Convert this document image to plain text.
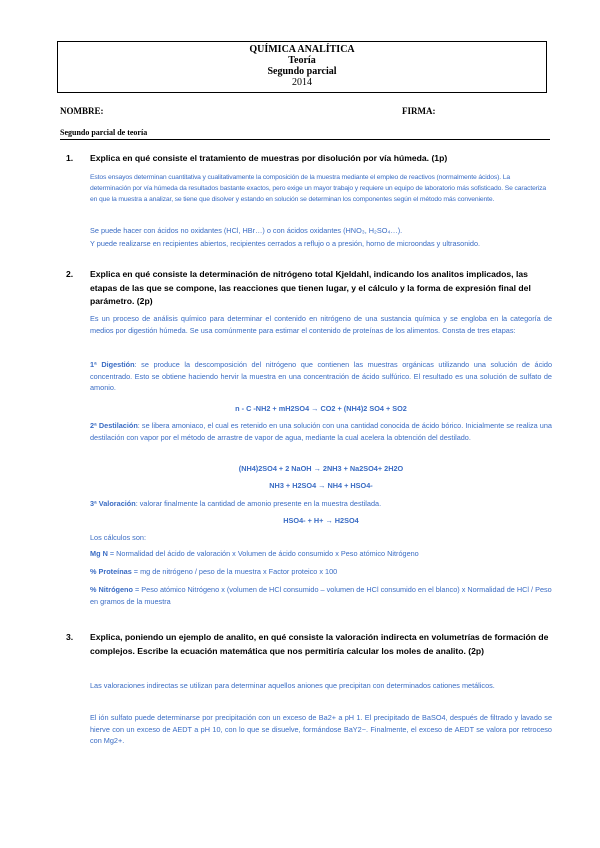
QUÍMICA ANALÍTICA
Teoría
Segundo parcial
2014
NOMBRE:	FIRMA:
Segundo parcial de teoría
1. Explica en qué consiste el tratamiento de muestras por disolución por vía húmeda. (1p)
Estos ensayos determinan cuantitativa y cualitativamente la composición de la muestra mediante el empleo de reactivos (normalmente ácidos). La determinación por vía húmeda da resultados bastante exactos, pero exige un mayor trabajo y requiere un equipo de laboratorio más sofisticado. Se caracteriza en que la muestra a analizar, se tiene que disolver y estando en solución se determinan los componentes según el método más conveniente.
Se puede hacer con ácidos no oxidantes (HCl, HBr…) o con ácidos oxidantes (HNO₃, H₂SO₄…).
Y puede realizarse en recipientes abiertos, recipientes cerrados a reflujo o a presión, horno de microondas y ultrasonido.
2. Explica en qué consiste la determinación de nitrógeno total Kjeldahl, indicando los analitos implicados, las etapas de las que se compone, las reacciones que tienen lugar, y el cálculo y la forma de expresión final del parámetro. (2p)
Es un proceso de análisis químico para determinar el contenido en nitrógeno de una sustancia química y se engloba en la categoría de medios por digestión húmeda. Se usa comúnmente para estimar el contenido de proteínas de los alimentos. Consta de tres etapas:
1ª Digestión: se produce la descomposición del nitrógeno que contienen las muestras orgánicas utilizando una solución de ácido concentrado. Esto se obtiene haciendo hervir la muestra en una concentración de ácido sulfúrico. El resultado es una solución de sulfato de amonio.
n - C -NH2 + mH2SO4 → CO2 + (NH4)2 SO4 + SO2
2ª Destilación: se libera amoniaco, el cual es retenido en una solución con una cantidad conocida de ácido bórico. Inicialmente se realiza una destilación con vapor por el método de arrastre de vapor de agua, mediante la cual acelera la obtención del destilado.
(NH4)2SO4 + 2 NaOH → 2NH3 + Na2SO4+ 2H2O
NH3 + H2SO4 → NH4 + HSO4-
3ª Valoración: valorar finalmente la cantidad de amonio presente en la muestra destilada.
HSO4- + H+ → H2SO4
Los cálculos son:
Mg N = Normalidad del ácido de valoración x Volumen de ácido consumido x Peso atómico Nitrógeno
% Proteínas = mg de nitrógeno / peso de la muestra x Factor proteico x 100
% Nitrógeno = Peso atómico Nitrógeno x (volumen de HCl consumido – volumen de HCl consumido en el blanco) x Normalidad de HCl / Peso en gramos de la muestra
3. Explica, poniendo un ejemplo de analito, en qué consiste la valoración indirecta en volumetrías de formación de complejos. Escribe la ecuación matemática que nos permitiría calcular los moles de analito. (2p)
Las valoraciones indirectas se utilizan para determinar aquellos aniones que precipitan con determinados cationes metálicos.
El ión sulfato puede determinarse por precipitación con un exceso de Ba2+ a pH 1. El precipitado de BaSO4, después de filtrado y lavado se hierve con un exceso de AEDT a pH 10, con lo que se disuelve, formándose BaY2−. Finalmente, el exceso de AEDT se valora por retroceso con Mg2+.
